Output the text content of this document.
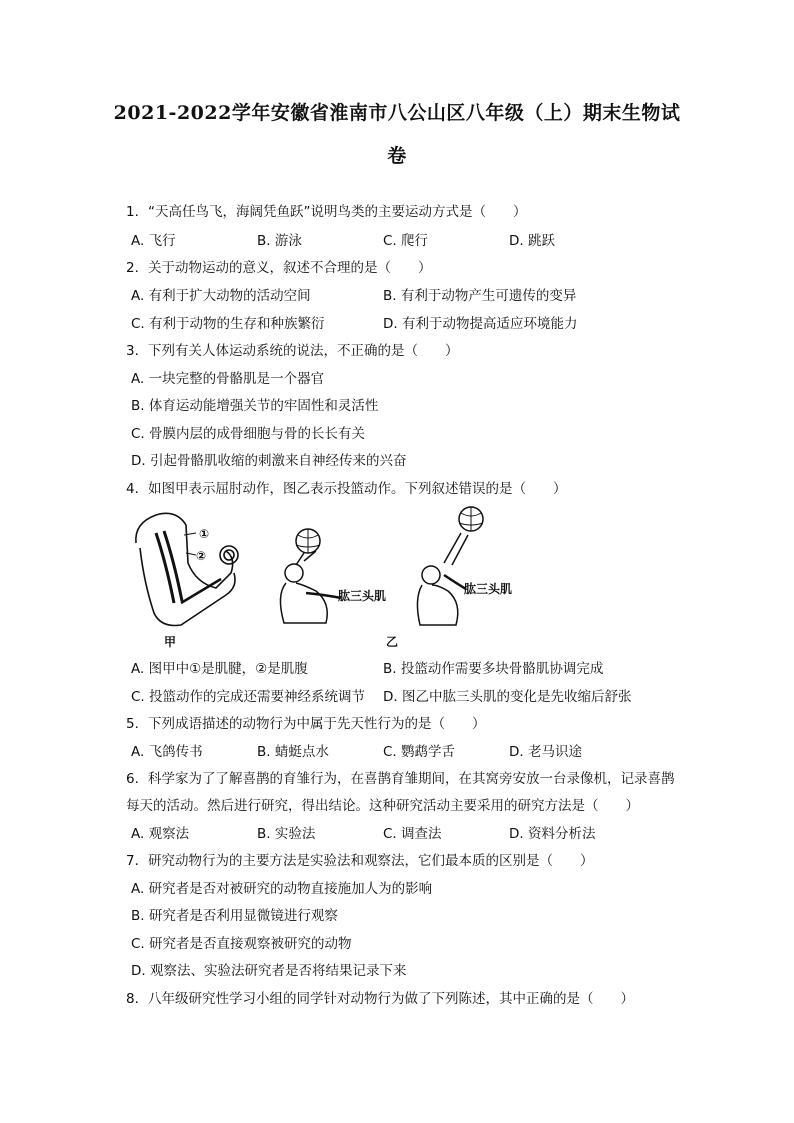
2021-2022学年安徽省淮南市八公山区八年级（上）期末生物试
卷
1. “天高任鸟飞，海阔凭鱼跃”说明鸟类的主要运动方式是（　　）
A. 飞行	B. 游泳	C. 爬行	D. 跳跃
2. 关于动物运动的意义，叙述不合理的是（　　）
A. 有利于扩大动物的活动空间	B. 有利于动物产生可遗传的变异
C. 有利于动物的生存和种族繁衍	D. 有利于动物提高适应环境能力
3. 下列有关人体运动系统的说法，不正确的是（　　）
A. 一块完整的骨骼肌是一个器官
B. 体育运动能增强关节的牢固性和灵活性
C. 骨膜内层的成骨细胞与骨的长长有关
D. 引起骨骼肌收缩的刺激来自神经传来的兴奋
4. 如图甲表示屈肘动作，图乙表示投篮动作。下列叙述错误的是（　　）
①
②
甲
肱三头肌	肱三头肌
乙
A. 图甲中①是肌腱，②是肌腹	B. 投篮动作需要多块骨骼肌协调完成
C. 投篮动作的完成还需要神经系统调节 D. 图乙中肱三头肌的变化是先收缩后舒张
5. 下列成语描述的动物行为中属于先天性行为的是（　　）
A. 飞鸽传书	B. 蜻蜓点水	C. 鹦鹉学舌	D. 老马识途
6. 科学家为了了解喜鹊的育雏行为，在喜鹊育雏期间，在其窝旁安放一台录像机，记录喜鹊
每天的活动。然后进行研究，得出结论。这种研究活动主要采用的研究方法是（　　）
A. 观察法	B. 实验法	C. 调查法	D. 资料分析法
7. 研究动物行为的主要方法是实验法和观察法，它们最本质的区别是（　　）
A. 研究者是否对被研究的动物直接施加人为的影响
B. 研究者是否利用显微镜进行观察
C. 研究者是否直接观察被研究的动物
D. 观察法、实验法研究者是否将结果记录下来
8. 八年级研究性学习小组的同学针对动物行为做了下列陈述，其中正确的是（　　）
